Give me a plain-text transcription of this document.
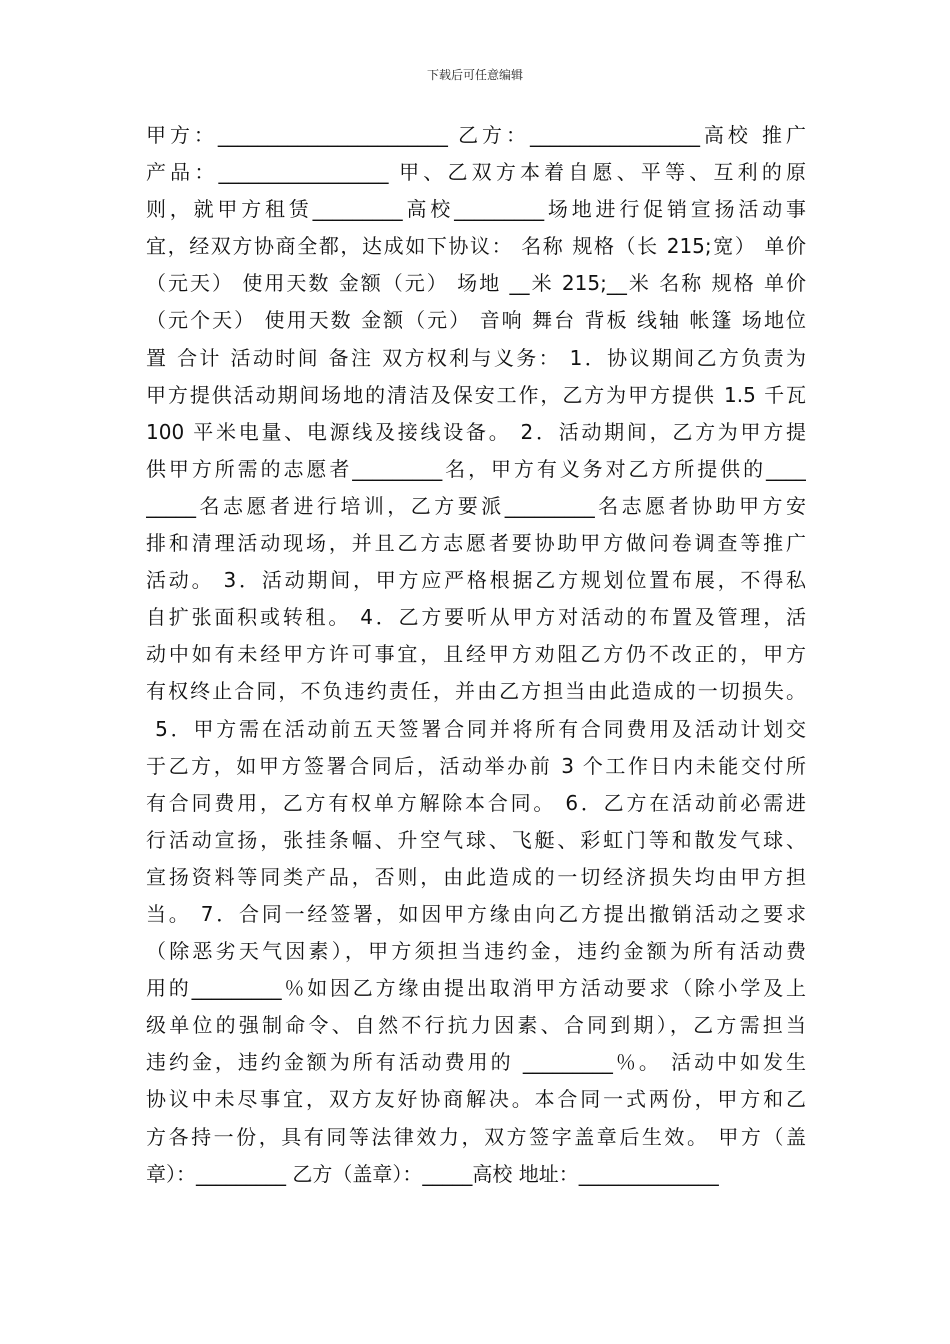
下载后可任意编辑
甲方：_______________________ 乙方：_________________高校 推广
产品：_________________ 甲、乙双方本着自愿、平等、互利的原
则，就甲方租赁_________高校_________场地进行促销宣扬活动事
宜，经双方协商全都，达成如下协议： 名称 规格（长 215;宽） 单价
（元天） 使用天数 金额（元） 场地 __米 215;__米 名称 规格 单价
（元个天） 使用天数 金额（元） 音响 舞台 背板 线轴 帐篷 场地位
置 合计 活动时间 备注 双方权利与义务： 1．协议期间乙方负责为
甲方提供活动期间场地的清洁及保安工作，乙方为甲方提供 1.5 千瓦
100 平米电量、电源线及接线设备。 2．活动期间，乙方为甲方提
供甲方所需的志愿者_________名，甲方有义务对乙方所提供的____
_____名志愿者进行培训，乙方要派_________名志愿者协助甲方安
排和清理活动现场，并且乙方志愿者要协助甲方做问卷调查等推广
活动。 3．活动期间，甲方应严格根据乙方规划位置布展，不得私
自扩张面积或转租。 4．乙方要听从甲方对活动的布置及管理，活
动中如有未经甲方许可事宜，且经甲方劝阻乙方仍不改正的，甲方
有权终止合同，不负违约责任，并由乙方担当由此造成的一切损失。
5．甲方需在活动前五天签署合同并将所有合同费用及活动计划交
于乙方，如甲方签署合同后，活动举办前 3 个工作日内未能交付所
有合同费用，乙方有权单方解除本合同。 6．乙方在活动前必需进
行活动宣扬，张挂条幅、升空气球、飞艇、彩虹门等和散发气球、
宣扬资料等同类产品，否则，由此造成的一切经济损失均由甲方担
当。 7．合同一经签署，如因甲方缘由向乙方提出撤销活动之要求
（除恶劣天气因素），甲方须担当违约金，违约金额为所有活动费
用的_________％如因乙方缘由提出取消甲方活动要求（除小学及上
级单位的强制命令、自然不行抗力因素、合同到期），乙方需担当
违约金，违约金额为所有活动费用的 _________％。 活动中如发生
协议中未尽事宜，双方友好协商解决。本合同一式两份，甲方和乙
方各持一份，具有同等法律效力，双方签字盖章后生效。 甲方（盖
章）：_________ 乙方（盖章）：_____高校 地址：______________
